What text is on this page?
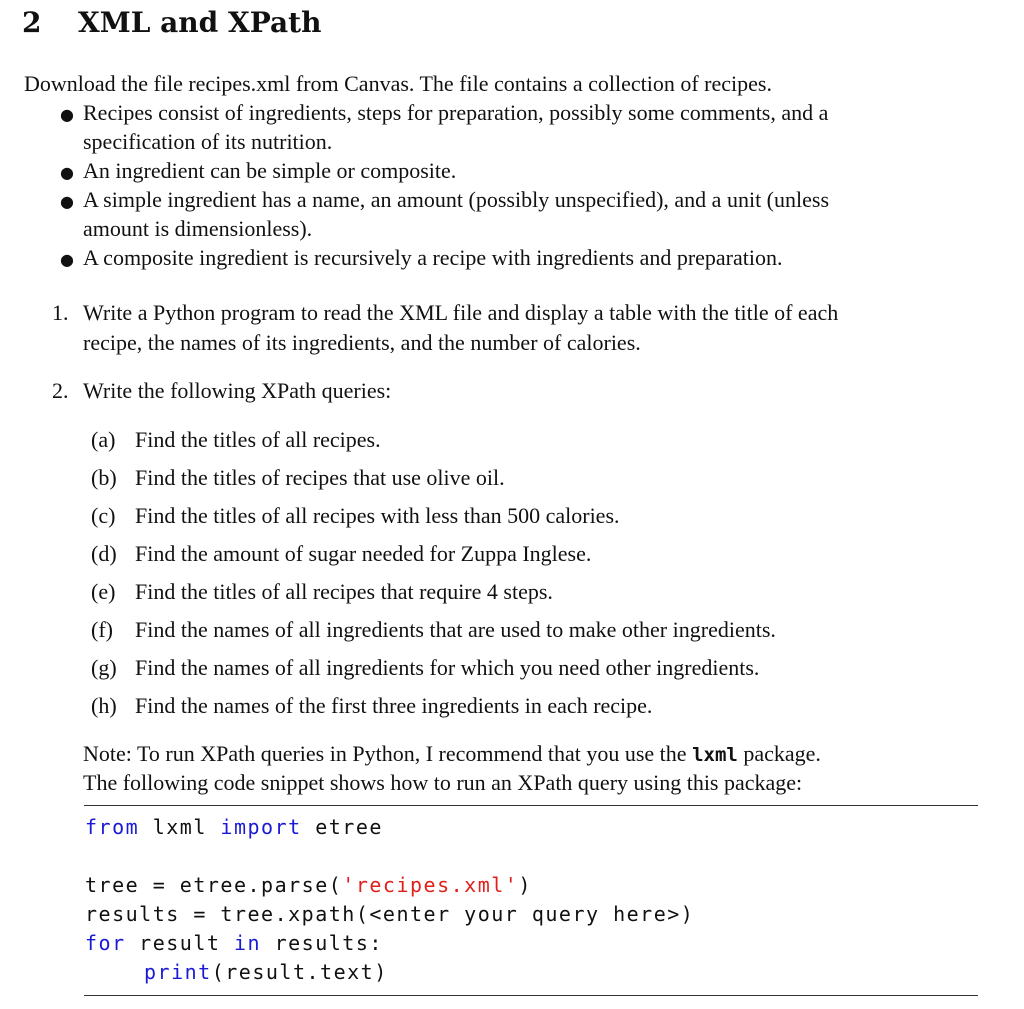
2 XML and XPath
Download the file recipes.xml from Canvas. The file contains a collection of recipes.
● Recipes consist of ingredients, steps for preparation, possibly some comments, and a
specification of its nutrition.
● An ingredient can be simple or composite.
● A simple ingredient has a name, an amount (possibly unspecified), and a unit (unless
amount is dimensionless).
● A composite ingredient is recursively a recipe with ingredients and preparation.
1. Write a Python program to read the XML file and display a table with the title of each
recipe, the names of its ingredients, and the number of calories.
2. Write the following XPath queries:
(a) Find the titles of all recipes.
(b) Find the titles of recipes that use olive oil.
(c) Find the titles of all recipes with less than 500 calories.
(d) Find the amount of sugar needed for Zuppa Inglese.
(e) Find the titles of all recipes that require 4 steps.
(f) Find the names of all ingredients that are used to make other ingredients.
(g) Find the names of all ingredients for which you need other ingredients.
(h) Find the names of the first three ingredients in each recipe.
Note: To run XPath queries in Python, I recommend that you use the lxml package.
The following code snippet shows how to run an XPath query using this package:
from lxml import etree
tree = etree.parse('recipes.xml')
results = tree.xpath(<enter your query here>)
for result in results:
print(result.text)
